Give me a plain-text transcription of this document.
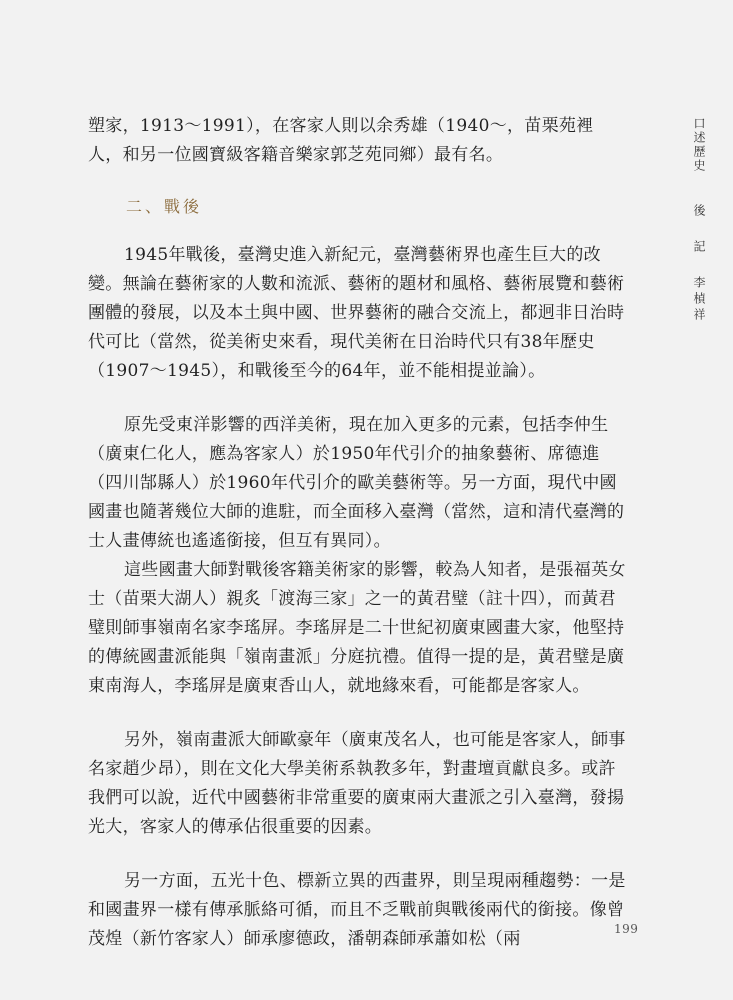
塑家，1913～1991），在客家人則以余秀雄（1940～，苗栗苑裡人，和另一位國寶級客籍音樂家郭芝苑同鄉）最有名。

二、戰後

1945年戰後，臺灣史進入新紀元，臺灣藝術界也產生巨大的改變。無論在藝術家的人數和流派、藝術的題材和風格、藝術展覽和藝術團體的發展，以及本土與中國、世界藝術的融合交流上，都迥非日治時代可比（當然，從美術史來看，現代美術在日治時代只有38年歷史（1907～1945），和戰後至今的64年，並不能相提並論）。

原先受東洋影響的西洋美術，現在加入更多的元素，包括李仲生（廣東仁化人，應為客家人）於1950年代引介的抽象藝術、席德進（四川郜縣人）於1960年代引介的歐美藝術等。另一方面，現代中國國畫也隨著幾位大師的進駐，而全面移入臺灣（當然，這和清代臺灣的士人畫傳統也遙遙銜接，但互有異同）。

這些國畫大師對戰後客籍美術家的影響，較為人知者，是張福英女士（苗栗大湖人）親炙「渡海三家」之一的黃君璧（註十四），而黃君璧則師事嶺南名家李瑤屏。李瑤屏是二十世紀初廣東國畫大家，他堅持的傳統國畫派能與「嶺南畫派」分庭抗禮。值得一提的是，黃君璧是廣東南海人，李瑤屏是廣東香山人，就地緣來看，可能都是客家人。

另外，嶺南畫派大師歐豪年（廣東茂名人，也可能是客家人，師事名家趙少昂），則在文化大學美術系執教多年，對畫壇貢獻良多。或許我們可以說，近代中國藝術非常重要的廣東兩大畫派之引入臺灣，發揚光大，客家人的傳承佔很重要的因素。

另一方面，五光十色、標新立異的西畫界，則呈現兩種趨勢：一是和國畫界一樣有傳承脈絡可循，而且不乏戰前與戰後兩代的銜接。像曾茂煌（新竹客家人）師承廖德政，潘朝森師承蕭如松（兩

口述歷史
後
記
李楨祥
199
